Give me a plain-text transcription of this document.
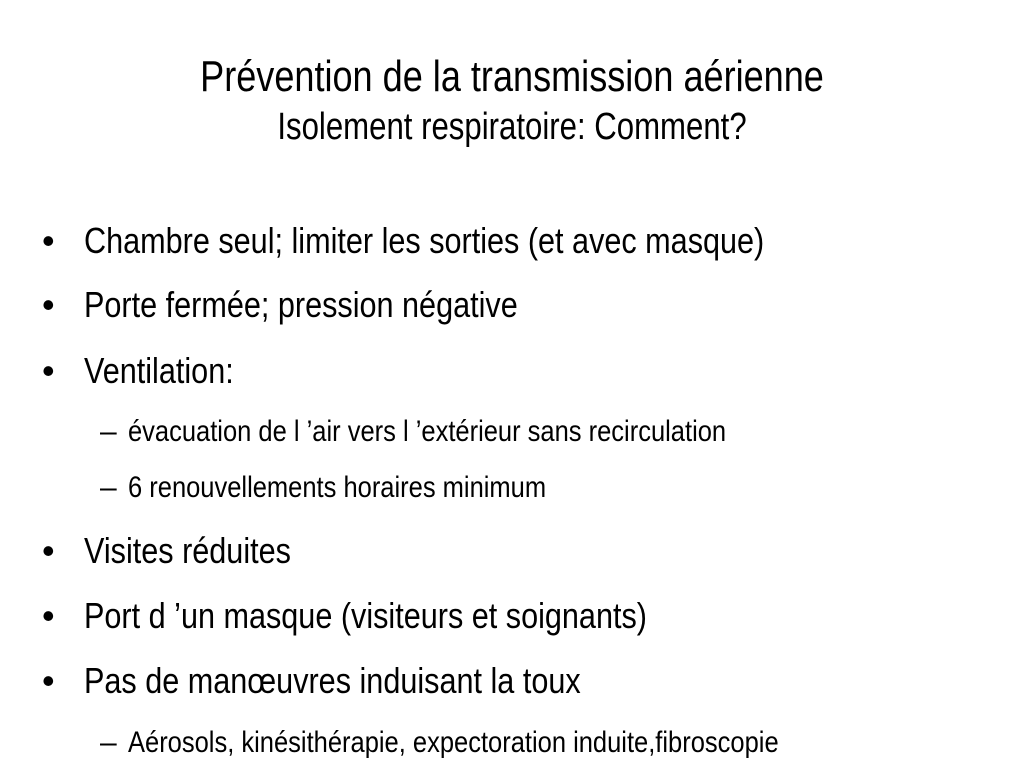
Prévention de la transmission aérienne
Isolement respiratoire: Comment?
• Chambre seul; limiter les sorties (et avec masque)
• Porte fermée; pression négative
• Ventilation:
– évacuation de l ’air vers l ’extérieur sans recirculation
– 6 renouvellements horaires minimum
• Visites réduites
• Port d ’un masque (visiteurs et soignants)
• Pas de manœuvres induisant la toux
– Aérosols, kinésithérapie, expectoration induite,fibroscopie
